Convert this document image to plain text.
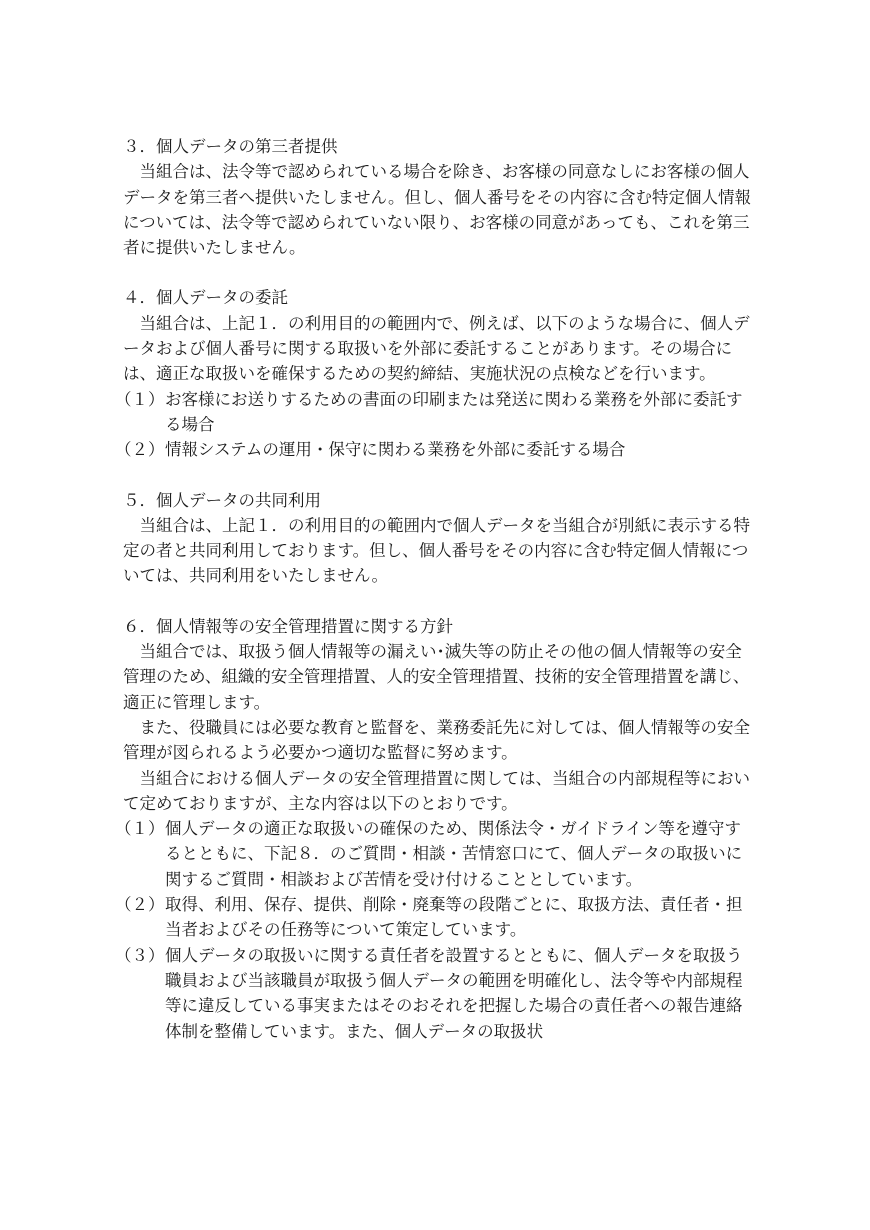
３．個人データの第三者提供

当組合は、法令等で認められている場合を除き、お客様の同意なしにお客様の個人データを第三者へ提供いたしません。但し、個人番号をその内容に含む特定個人情報については、法令等で認められていない限り、お客様の同意があっても、これを第三者に提供いたしません。

４．個人データの委託

当組合は、上記１．の利用目的の範囲内で、例えば、以下のような場合に、個人データおよび個人番号に関する取扱いを外部に委託することがあります。その場合には、適正な取扱いを確保するための契約締結、実施状況の点検などを行います。

（１） お客様にお送りするための書面の印刷または発送に関わる業務を外部に委託する場合
（２） 情報システムの運用・保守に関わる業務を外部に委託する場合

５．個人データの共同利用

当組合は、上記１．の利用目的の範囲内で個人データを当組合が別紙に表示する特定の者と共同利用しております。但し、個人番号をその内容に含む特定個人情報については、共同利用をいたしません。

６．個人情報等の安全管理措置に関する方針

当組合では、取扱う個人情報等の漏えい･滅失等の防止その他の個人情報等の安全管理のため、組織的安全管理措置、人的安全管理措置、技術的安全管理措置を講じ、適正に管理します。

また、役職員には必要な教育と監督を、業務委託先に対しては、個人情報等の安全管理が図られるよう必要かつ適切な監督に努めます。

当組合における個人データの安全管理措置に関しては、当組合の内部規程等において定めておりますが、主な内容は以下のとおりです。

（１） 個人データの適正な取扱いの確保のため、関係法令・ガイドライン等を遵守するとともに、下記８．のご質問・相談・苦情窓口にて、個人データの取扱いに関するご質問・相談および苦情を受け付けることとしています。
（２） 取得、利用、保存、提供、削除・廃棄等の段階ごとに、取扱方法、責任者・担当者およびその任務等について策定しています。
（３） 個人データの取扱いに関する責任者を設置するとともに、個人データを取扱う職員および当該職員が取扱う個人データの範囲を明確化し、法令等や内部規程等に違反している事実またはそのおそれを把握した場合の責任者への報告連絡体制を整備しています。また、個人データの取扱状
